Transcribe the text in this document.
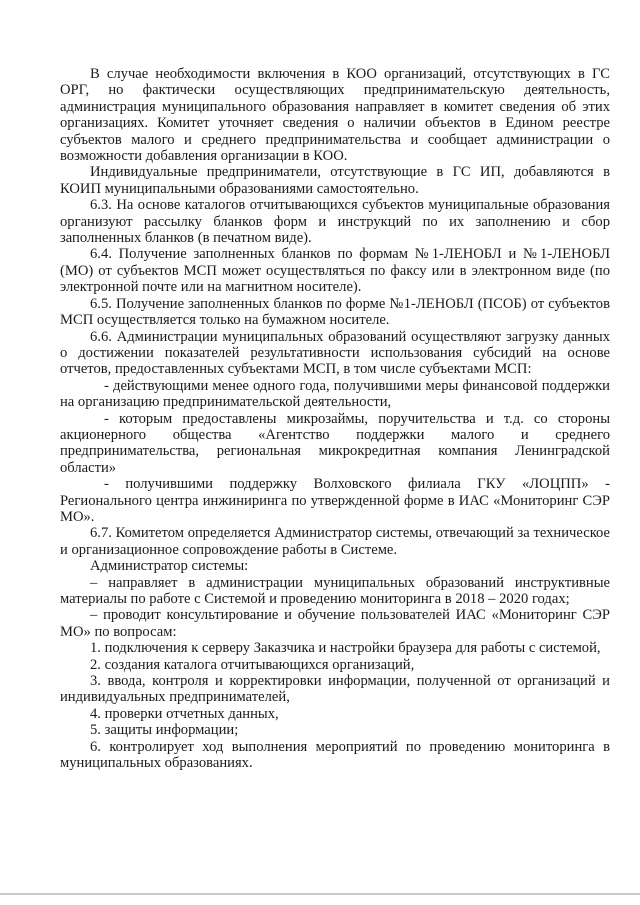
В случае необходимости включения в КОО организаций, отсутствующих в ГС ОРГ, но фактически осуществляющих предпринимательскую деятельность, администрация муниципального образования направляет в комитет сведения об этих организациях. Комитет уточняет сведения о наличии объектов в Едином реестре субъектов малого и среднего предпринимательства и сообщает администрации о возможности добавления организации в КОО.

Индивидуальные предприниматели, отсутствующие в ГС ИП, добавляются в КОИП муниципальными образованиями самостоятельно.

6.3. На основе каталогов отчитывающихся субъектов муниципальные образования организуют рассылку бланков форм и инструкций по их заполнению и сбор заполненных бланков (в печатном виде).

6.4. Получение заполненных бланков по формам №1-ЛЕНОБЛ и №1-ЛЕНОБЛ (МО) от субъектов МСП может осуществляться по факсу или в электронном виде (по электронной почте или на магнитном носителе).

6.5. Получение заполненных бланков по форме №1-ЛЕНОБЛ (ПСОБ) от субъектов МСП осуществляется только на бумажном носителе.

6.6. Администрации муниципальных образований осуществляют загрузку данных о достижении показателей результативности использования субсидий на основе отчетов, предоставленных субъектами МСП, в том числе субъектами МСП:

- действующими менее одного года, получившими меры финансовой поддержки на организацию предпринимательской деятельности,

- которым предоставлены микрозаймы, поручительства и т.д. со стороны акционерного общества «Агентство поддержки малого и среднего предпринимательства, региональная микрокредитная компания Ленинградской области»

- получившими поддержку Волховского филиала ГКУ «ЛОЦПП» - Регионального центра инжиниринга по утвержденной форме в ИАС «Мониторинг СЭР МО».

6.7. Комитетом определяется Администратор системы, отвечающий за техническое и организационное сопровождение работы в Системе.

Администратор системы:

– направляет в администрации муниципальных образований инструктивные материалы по работе с Системой и проведению мониторинга в 2018 – 2020 годах;

– проводит консультирование и обучение пользователей ИАС «Мониторинг СЭР МО» по вопросам:

1. подключения к серверу Заказчика и настройки браузера для работы с системой,

2. создания каталога отчитывающихся организаций,

3. ввода, контроля и корректировки информации, полученной от организаций и индивидуальных предпринимателей,

4. проверки отчетных данных,

5. защиты информации;

6. контролирует ход выполнения мероприятий по проведению мониторинга в муниципальных образованиях.
